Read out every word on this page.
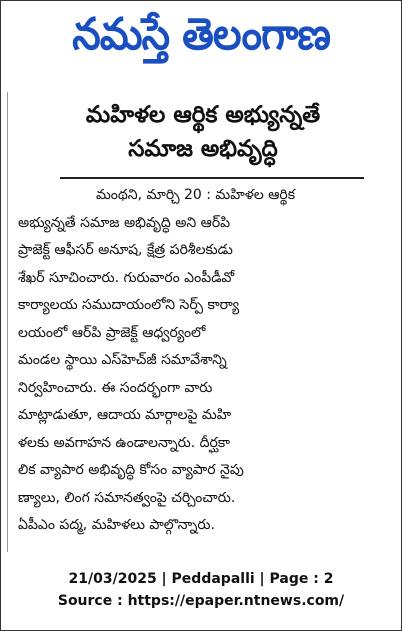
నమస్తే తెలంగాణ
మహిళల ఆర్థిక అభ్యున్నతే
సమాజ అభివృద్ధి
మంథని, మార్చి 20 : మహిళల ఆర్థిక
అభ్యున్నతే సమాజ అభివృద్ధి అని ఆర్‌పి
ప్రాజెక్ట్ ఆఫీసర్ అనూష, క్షేత్ర పరిశీలకుడు
శేఖర్ సూచించారు. గురువారం ఎంపీడీవో
కార్యాలయ సముదాయంలోని సెర్ప్ కార్యా
లయంలో ఆర్‌పి ప్రాజెక్ట్ ఆధ్వర్యంలో
మండల స్థాయి ఎస్‌హెచ్‌జీ సమావేశాన్ని
నిర్వహించారు. ఈ సందర్భంగా వారు
మాట్లాడుతూ, ఆదాయ మార్గాలపై మహి
ళలకు అవగాహన ఉండాలన్నారు. దీర్ఘకా
లిక వ్యాపార అభివృద్ధి కోసం వ్యాపార నైపు
ణ్యాలు, లింగ సమానత్వంపై చర్చించారు.
ఏపీఎం పద్మ, మహిళలు పాల్గొన్నారు.
21/03/2025 | Peddapalli | Page : 2
Source : https://epaper.ntnews.com/
